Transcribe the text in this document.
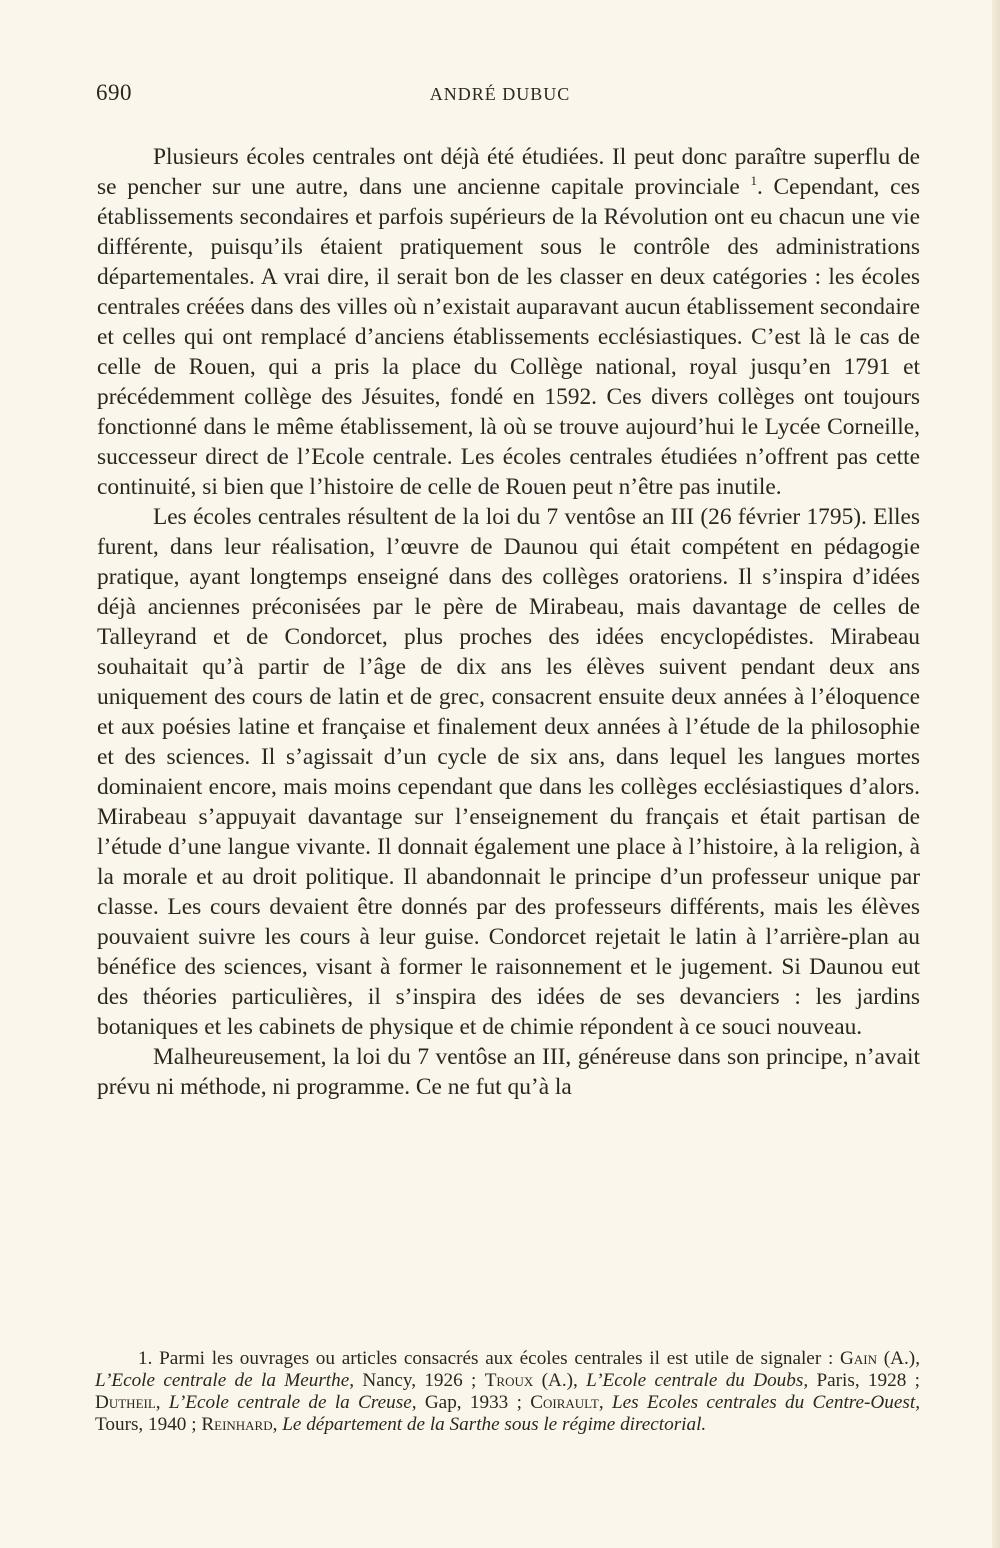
690	ANDRÉ DUBUC

Plusieurs écoles centrales ont déjà été étudiées. Il peut donc paraître superflu de se pencher sur une autre, dans une ancienne capitale provinciale $^1$. Cependant, ces établissements secondaires et parfois supérieurs de la Révolution ont eu chacun une vie différente, puisqu’ils étaient pratiquement sous le contrôle des administrations départementales. A vrai dire, il serait bon de les classer en deux catégories : les écoles centrales créées dans des villes où n’existait auparavant aucun établissement secondaire et celles qui ont remplacé d’anciens établissements ecclésiastiques. C’est là le cas de celle de Rouen, qui a pris la place du Collège national, royal jusqu’en 1791 et précédemment collège des Jésuites, fondé en 1592. Ces divers collèges ont toujours fonctionné dans le même établissement, là où se trouve aujourd’hui le Lycée Corneille, successeur direct de l’Ecole centrale. Les écoles centrales étudiées n’offrent pas cette continuité, si bien que l’histoire de celle de Rouen peut n’être pas inutile.

Les écoles centrales résultent de la loi du 7 ventôse an III (26 février 1795). Elles furent, dans leur réalisation, l’œuvre de Daunou qui était compétent en pédagogie pratique, ayant longtemps enseigné dans des collèges oratoriens. Il s’inspira d’idées déjà anciennes préconisées par le père de Mirabeau, mais davantage de celles de Talleyrand et de Condorcet, plus proches des idées encyclopédistes. Mirabeau souhaitait qu’à partir de l’âge de dix ans les élèves suivent pendant deux ans uniquement des cours de latin et de grec, consacrent ensuite deux années à l’éloquence et aux poésies latine et française et finalement deux années à l’étude de la philosophie et des sciences. Il s’agissait d’un cycle de six ans, dans lequel les langues mortes dominaient encore, mais moins cependant que dans les collèges ecclésiastiques d’alors. Mirabeau s’appuyait davantage sur l’enseignement du français et était partisan de l’étude d’une langue vivante. Il donnait également une place à l’histoire, à la religion, à la morale et au droit politique. Il abandonnait le principe d’un professeur unique par classe. Les cours devaient être donnés par des professeurs différents, mais les élèves pouvaient suivre les cours à leur guise. Condorcet rejetait le latin à l’arrière-plan au bénéfice des sciences, visant à former le raisonnement et le jugement. Si Daunou eut des théories particulières, il s’inspira des idées de ses devanciers : les jardins botaniques et les cabinets de physique et de chimie répondent à ce souci nouveau.

Malheureusement, la loi du 7 ventôse an III, généreuse dans son principe, n’avait prévu ni méthode, ni programme. Ce ne fut qu’à la

1. Parmi les ouvrages ou articles consacrés aux écoles centrales il est utile de signaler : Gain (A.), L’Ecole centrale de la Meurthe, Nancy, 1926 ; Troux (A.), L’Ecole centrale du Doubs, Paris, 1928 ; Dutheil, L’Ecole centrale de la Creuse, Gap, 1933 ; Coirault, Les Ecoles centrales du Centre-Ouest, Tours, 1940 ; Reinhard, Le département de la Sarthe sous le régime directorial.
